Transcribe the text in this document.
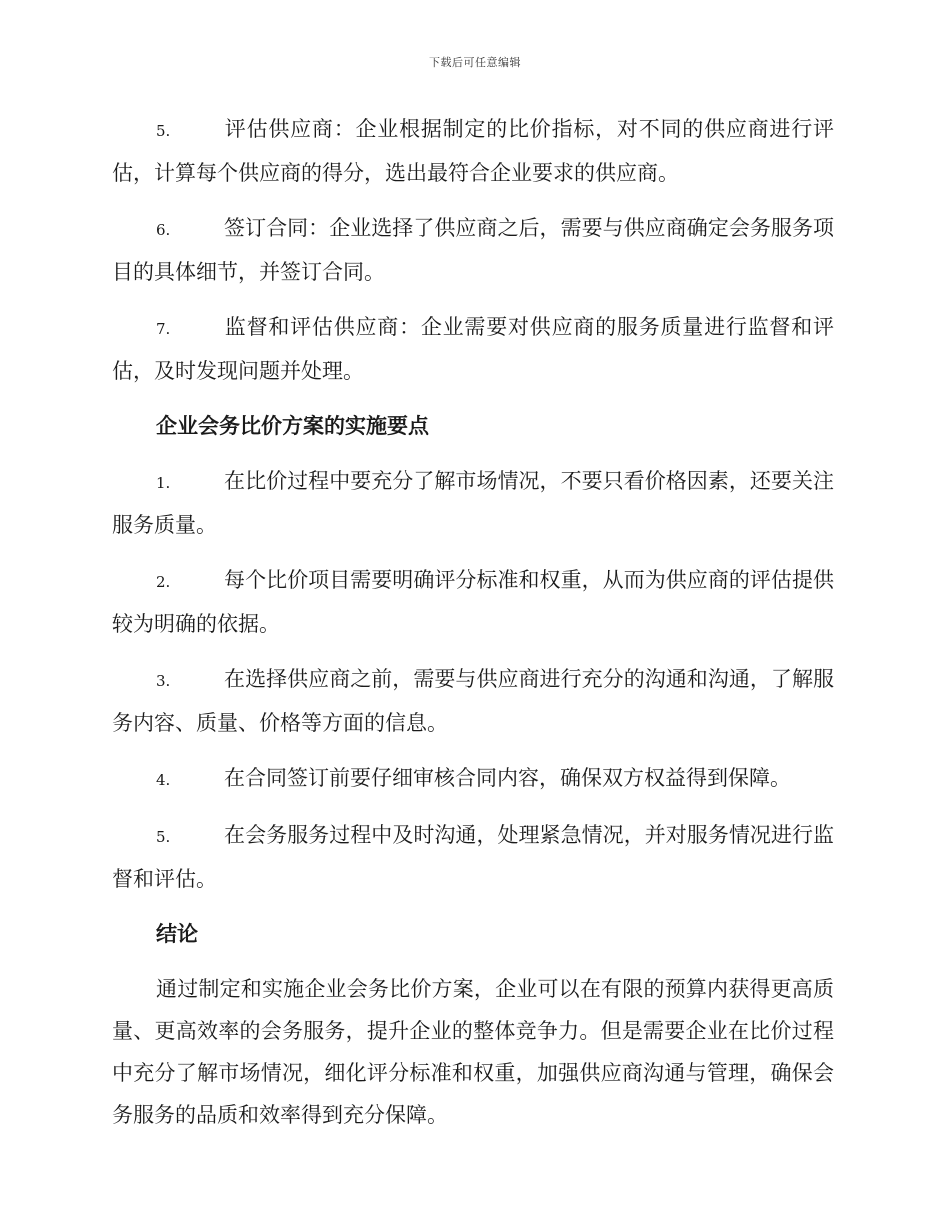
下载后可任意编辑

5.	评估供应商：企业根据制定的比价指标，对不同的供应商进行评估，计算每个供应商的得分，选出最符合企业要求的供应商。

6.	签订合同：企业选择了供应商之后，需要与供应商确定会务服务项目的具体细节，并签订合同。

7.	监督和评估供应商：企业需要对供应商的服务质量进行监督和评估，及时发现问题并处理。

企业会务比价方案的实施要点

1.	在比价过程中要充分了解市场情况，不要只看价格因素，还要关注服务质量。

2.	每个比价项目需要明确评分标准和权重，从而为供应商的评估提供较为明确的依据。

3.	在选择供应商之前，需要与供应商进行充分的沟通和沟通，了解服务内容、质量、价格等方面的信息。

4.	在合同签订前要仔细审核合同内容，确保双方权益得到保障。

5.	在会务服务过程中及时沟通，处理紧急情况，并对服务情况进行监督和评估。

结论

通过制定和实施企业会务比价方案，企业可以在有限的预算内获得更高质量、更高效率的会务服务，提升企业的整体竞争力。但是需要企业在比价过程中充分了解市场情况，细化评分标准和权重，加强供应商沟通与管理，确保会务服务的品质和效率得到充分保障。
